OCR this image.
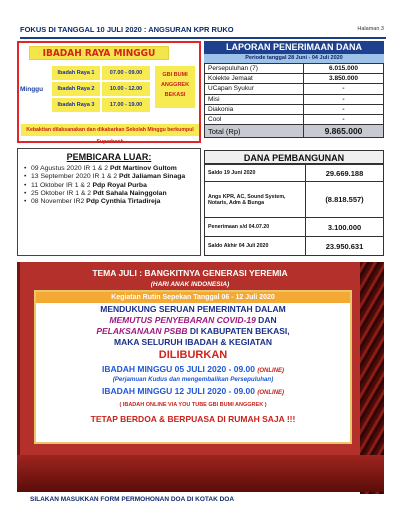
FOKUS DI TANGGAL 10 JULI 2020 : ANGSURAN KPR RUKO	Halaman 3
IBADAH RAYA MINGGU
Minggu
Ibadah Raya 1	07.00 - 09.00
Ibadah Raya 2	10.00 - 12.00
Ibadah Raya 3	17.00 - 19.00
GBI BUMI
ANGGREK
BEKASI
Kebaktian dilaksanakan dan dikabarkan Sekolah Minggu berkumpul Superbook
LAPORAN PENERIMAAN DANA
Periode tanggal 28 Juni - 04 Juli 2020
Persepuluhan (7)	6.015.000
Kolekte Jemaat	3.850.000
UCapan Syukur	-
Misi	-
Diakonia	-
Cool	-
Total (Rp)	9.865.000
PEMBICARA LUAR:
• 09 Agustus 2020 IR 1 & 2 Pdt Martinov Gultom
• 13 September 2020 IR 1 & 2 Pdt Jaliaman Sinaga
• 11 Oktober IR 1 & 2 Pdp Royal Purba
• 25 Oktober IR 1 & 2 Pdt Sahala Nainggolan
• 08 November IR2 Pdp Cynthia Tirtadireja
DANA PEMBANGUNAN
Saldo 19 Juni 2020	29.669.188
Angs KPR, AC, Sound System, Notaris, Adm & Bunga	(8.818.557)
Penerimaan s/d 04.07.20	3.100.000
Saldo Akhir 04 Juli 2020	23.950.631
TEMA JULI : BANGKITNYA GENERASI YEREMIA
(HARI ANAK INDONESIA)
Kegiatan Rutin Sepekan Tanggal 06 - 12 Juli 2020
MENDUKUNG SERUAN PEMERINTAH DALAM
MEMUTUS PENYEBARAN COVID-19 DAN
PELAKSANAAN PSBB DI KABUPATEN BEKASI,
MAKA SELURUH IBADAH & KEGIATAN
DILIBURKAN
IBADAH MINGGU 05 JULI 2020 - 09.00 (ONLINE)
(Perjamuan Kudus dan mengembalikan Persepuluhan)
IBADAH MINGGU 12 JULI 2020 - 09.00 (ONLINE)
( IBADAH ONLINE VIA YOU TUBE GBI BUMI ANGGREK )
TETAP BERDOA & BERPUASA DI RUMAH SAJA !!!
SILAKAN MASUKKAN FORM PERMOHONAN DOA DI KOTAK DOA
